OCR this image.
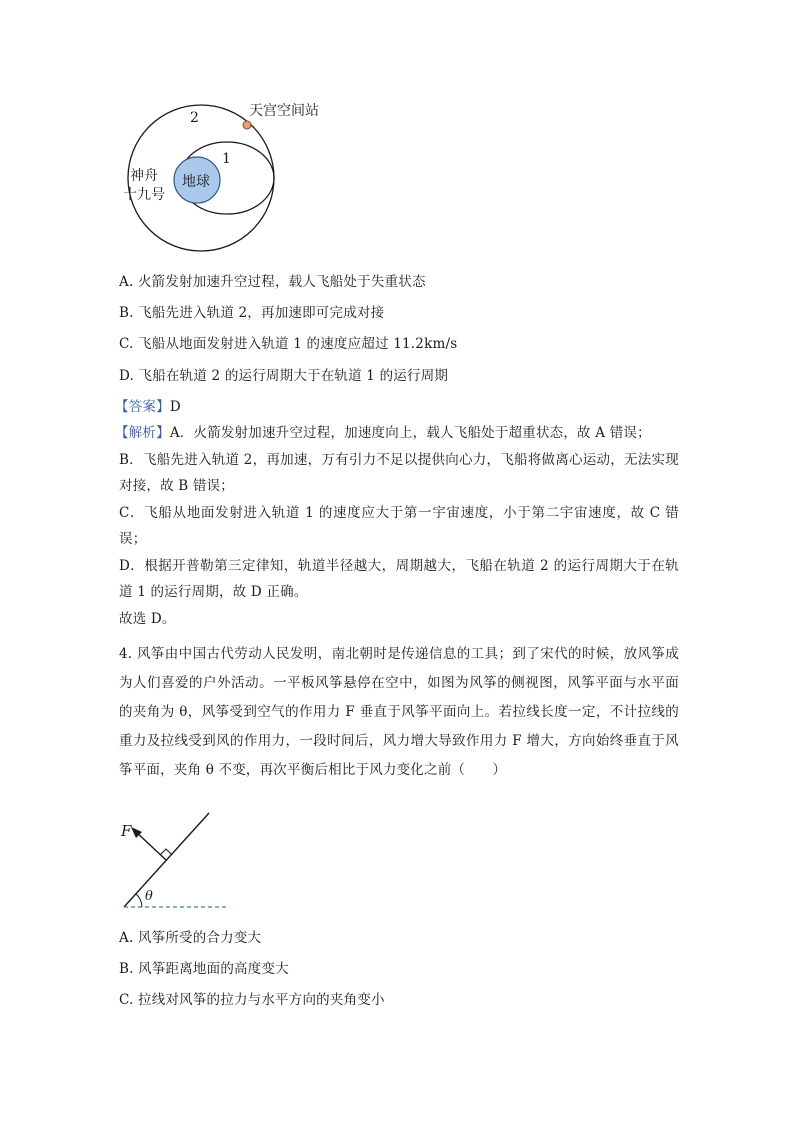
地球
天宫空间站
2
1
神舟
十九号
A. 火箭发射加速升空过程，载人飞船处于失重状态
B. 飞船先进入轨道 2，再加速即可完成对接
C. 飞船从地面发射进入轨道 1 的速度应超过 11.2km/s
D. 飞船在轨道 2 的运行周期大于在轨道 1 的运行周期
【答案】D
【解析】A．火箭发射加速升空过程，加速度向上，载人飞船处于超重状态，故 A 错误；
B．飞船先进入轨道 2，再加速，万有引力不足以提供向心力，飞船将做离心运动，无法实现对接，故 B 错误；
C．飞船从地面发射进入轨道 1 的速度应大于第一宇宙速度，小于第二宇宙速度，故 C 错误；
D．根据开普勒第三定律知，轨道半径越大，周期越大，飞船在轨道 2 的运行周期大于在轨道 1 的运行周期，故 D 正确。
故选 D。
4. 风筝由中国古代劳动人民发明，南北朝时是传递信息的工具；到了宋代的时候，放风筝成为人们喜爱的户外活动。一平板风筝悬停在空中，如图为风筝的侧视图，风筝平面与水平面的夹角为 θ，风筝受到空气的作用力 F 垂直于风筝平面向上。若拉线长度一定，不计拉线的重力及拉线受到风的作用力，一段时间后，风力增大导致作用力 F 增大，方向始终垂直于风筝平面，夹角 θ 不变，再次平衡后相比于风力变化之前（　　）
F
θ
A. 风筝所受的合力变大
B. 风筝距离地面的高度变大
C. 拉线对风筝的拉力与水平方向的夹角变小
